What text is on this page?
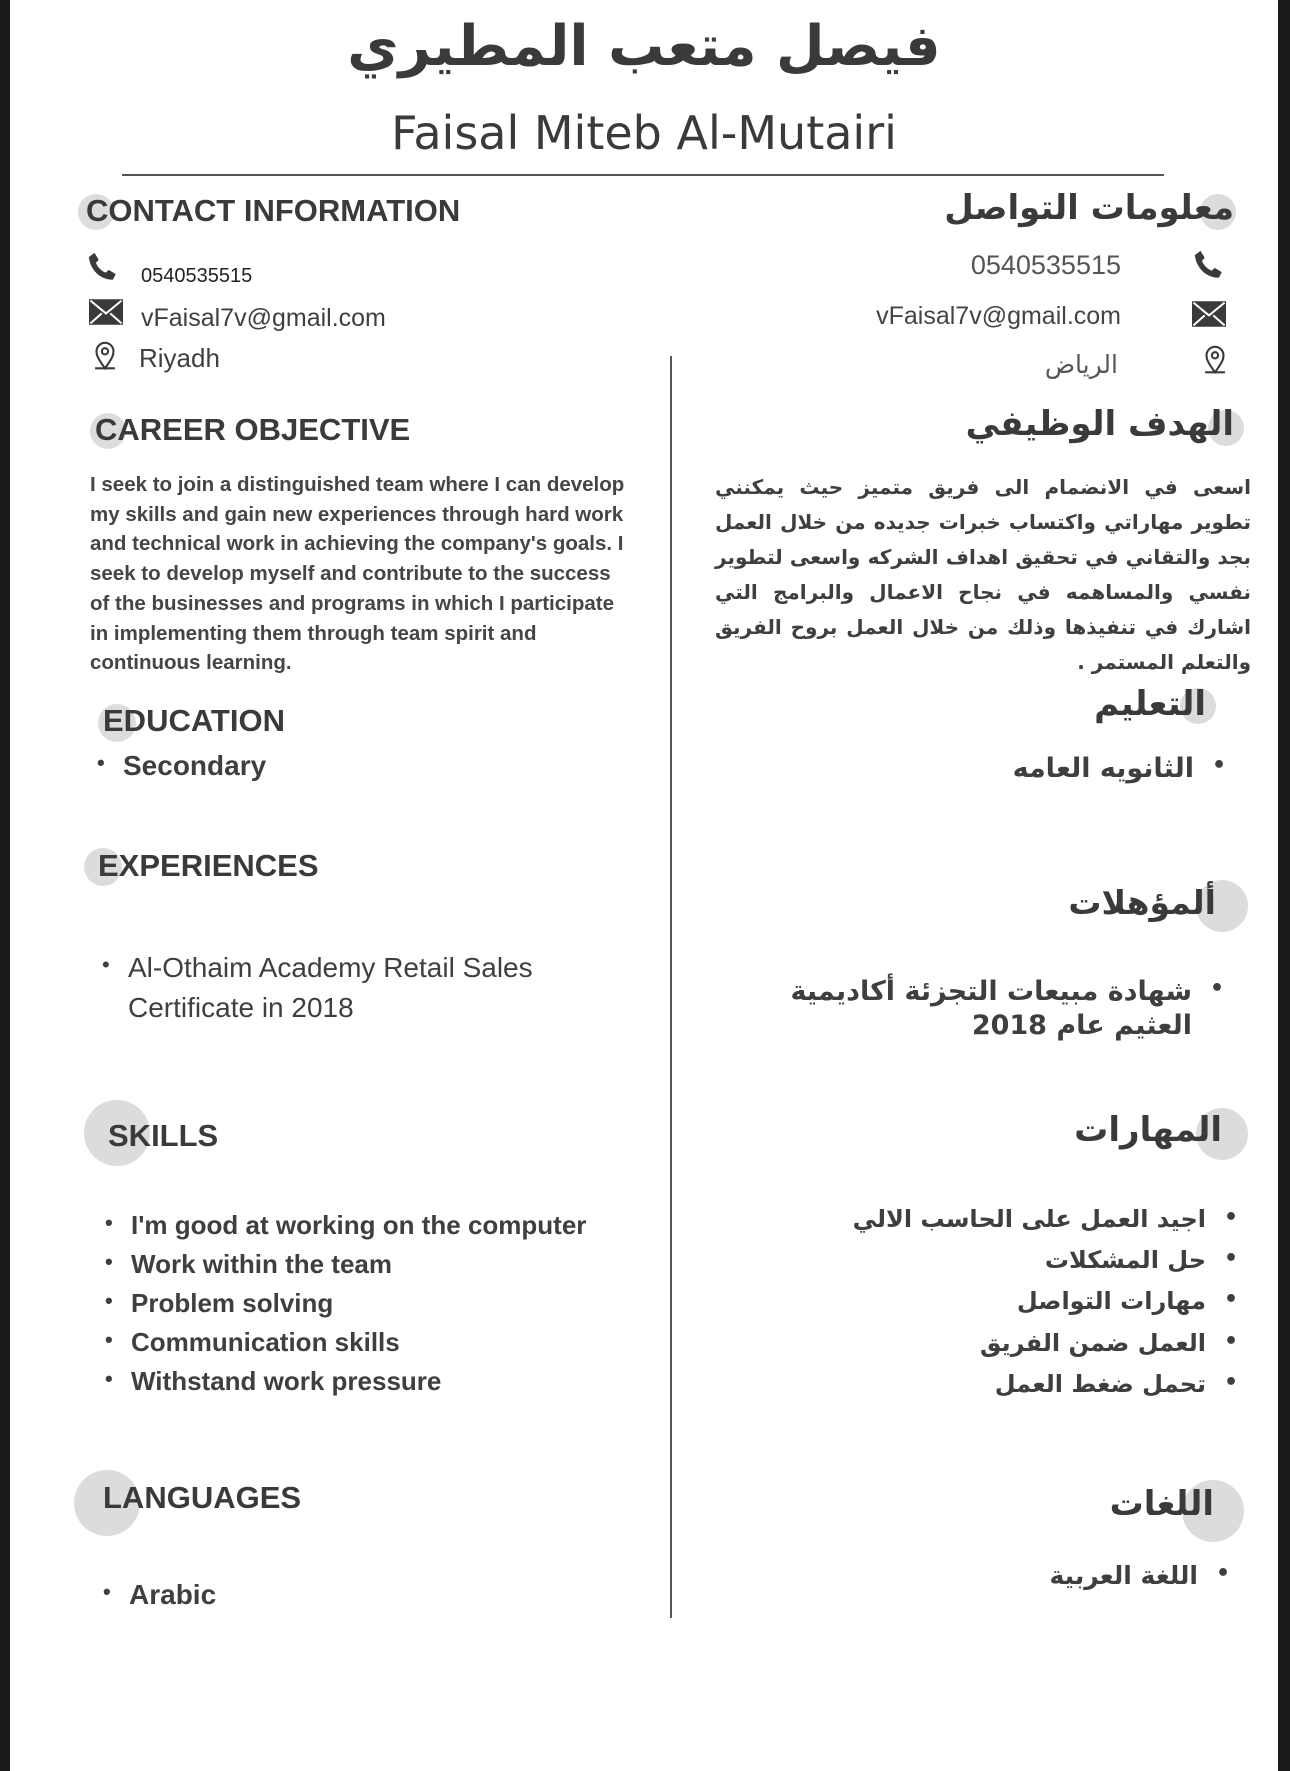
فيصل متعب المطيري
Faisal Miteb Al-Mutairi
CONTACT INFORMATION
0540535515
vFaisal7v@gmail.com
Riyadh
CAREER OBJECTIVE
I seek to join a distinguished team where I can develop my skills and gain new experiences through hard work and technical work in achieving the company's goals. I seek to develop myself and contribute to the success of the businesses and programs in which I participate in implementing them through team spirit and continuous learning.
EDUCATION
• Secondary
EXPERIENCES
• Al-Othaim Academy Retail Sales
Certificate in 2018
SKILLS
• I'm good at working on the computer
• Work within the team
• Problem solving
• Communication skills
• Withstand work pressure
LANGUAGES
• Arabic
معلومات التواصل
0540535515
vFaisal7v@gmail.com
الرياض
الهدف الوظيفي
اسعى في الانضمام الى فريق متميز حيث يمكنني تطوير مهاراتي واكتساب خبرات جديده من خلال العمل بجد والتقاني في تحقيق اهداف الشركه واسعى لتطوير نفسي والمساهمه في نجاح الاعمال والبرامج التي اشارك في تنفيذها وذلك من خلال العمل بروح الفريق والتعلم المستمر .
التعليم
• الثانويه العامه
ألمؤهلات
• شهادة مبيعات التجزئة أكاديمية
العثيم عام 2018
المهارات
• اجيد العمل على الحاسب الالي
• حل المشكلات
• مهارات التواصل
• العمل ضمن الفريق
• تحمل ضغط العمل
اللغات
• اللغة العربية
